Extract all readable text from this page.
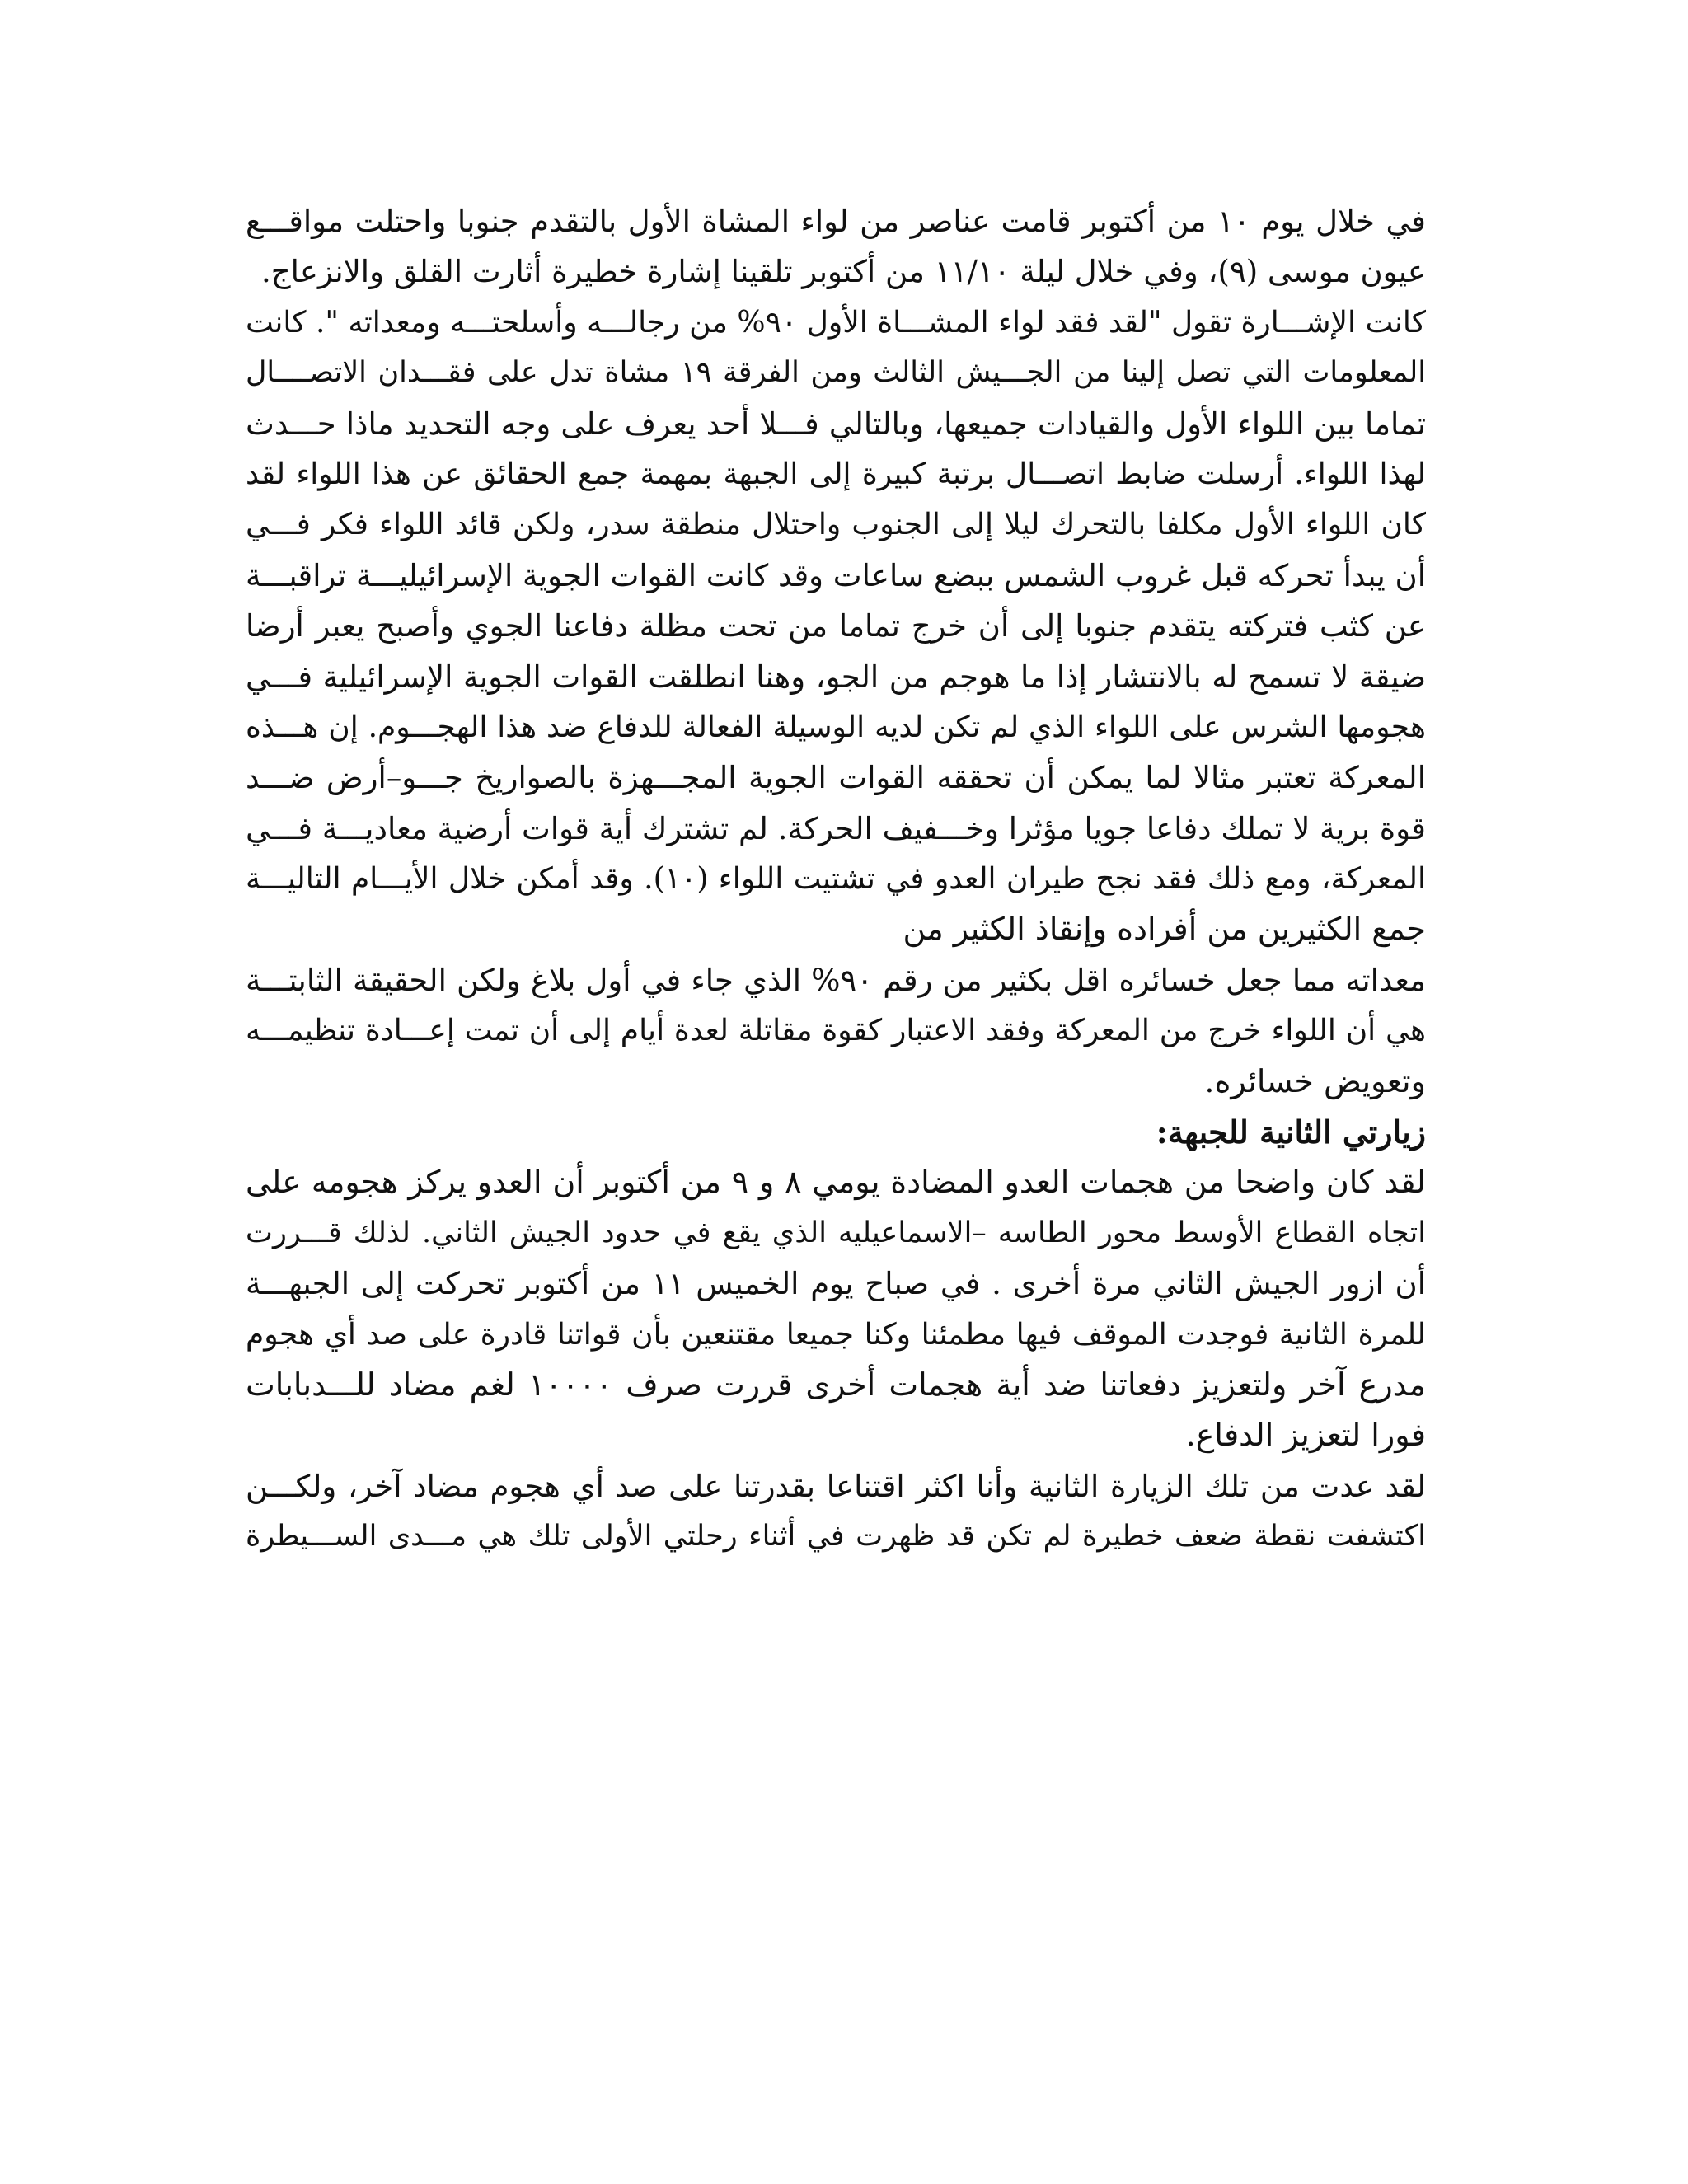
في خلال يوم ١٠ من أكتوبر قامت عناصر من لواء المشاة الأول بالتقدم جنوبا واحتلت مواقـــع
عيون موسى (٩)، وفي خلال ليلة ١١/١٠ من أكتوبر تلقينا إشارة خطيرة أثارت القلق والانزعاج.
كانت الإشـــارة تقول "لقد فقد لواء المشـــاة الأول ٩٠% من رجالـــه وأسلحتـــه ومعداته ". كانت
المعلومات التي تصل إلينا من الجـــيش الثالث ومن الفرقة ١٩ مشاة تدل على فقـــدان الاتصــــال
تماما بين اللواء الأول والقيادات جميعها، وبالتالي فـــلا أحد يعرف على وجه التحديد ماذا حـــدث
لهذا اللواء. أرسلت ضابط اتصـــال برتبة كبيرة إلى الجبهة بمهمة جمع الحقائق عن هذا اللواء لقد
كان اللواء الأول مكلفا بالتحرك ليلا إلى الجنوب واحتلال منطقة سدر، ولكن قائد اللواء فكر فـــي
أن يبدأ تحركه قبل غروب الشمس ببضع ساعات وقد كانت القوات الجوية الإسرائيليـــة تراقبـــة
عن كثب فتركته يتقدم جنوبا إلى أن خرج تماما من تحت مظلة دفاعنا الجوي وأصبح يعبر أرضا
ضيقة لا تسمح له بالانتشار إذا ما هوجم من الجو، وهنا انطلقت القوات الجوية الإسرائيلية فـــي
هجومها الشرس على اللواء الذي لم تكن لديه الوسيلة الفعالة للدفاع ضد هذا الهجـــوم. إن هـــذه
المعركة تعتبر مثالا لما يمكن أن تحققه القوات الجوية المجـــهزة بالصواريخ جـــو–أرض ضـــد
قوة برية لا تملك دفاعا جويا مؤثرا وخـــفيف الحركة. لم تشترك أية قوات أرضية معاديـــة فـــي
المعركة، ومع ذلك فقد نجح طيران العدو في تشتيت اللواء (١٠). وقد أمكن خلال الأيـــام التاليـــة
جمع الكثيرين من أفراده وإنقاذ الكثير من
معداته مما جعل خسائره اقل بكثير من رقم ٩٠% الذي جاء في أول بلاغ ولكن الحقيقة الثابتـــة
هي أن اللواء خرج من المعركة وفقد الاعتبار كقوة مقاتلة لعدة أيام إلى أن تمت إعـــادة تنظيمـــه
وتعويض خسائره.
زيارتي الثانية للجبهة:
لقد كان واضحا من هجمات العدو المضادة يومي ٨ و ٩ من أكتوبر أن العدو يركز هجومه على
اتجاه القطاع الأوسط محور الطاسه –الاسماعيليه الذي يقع في حدود الجيش الثاني. لذلك قـــررت
أن ازور الجيش الثاني مرة أخرى . في صباح يوم الخميس ١١ من أكتوبر تحركت إلى الجبهـــة
للمرة الثانية فوجدت الموقف فيها مطمئنا وكنا جميعا مقتنعين بأن قواتنا قادرة على صد أي هجوم
مدرع آخر ولتعزيز دفعاتنا ضد أية هجمات أخرى قررت صرف ١٠٠٠٠ لغم مضاد للـــدبابات
فورا لتعزيز الدفاع.
لقد عدت من تلك الزيارة الثانية وأنا اكثر اقتناعا بقدرتنا على صد أي هجوم مضاد آخر، ولكـــن
اكتشفت نقطة ضعف خطيرة لم تكن قد ظهرت في أثناء رحلتي الأولى تلك هي مـــدى الســـيطرة
